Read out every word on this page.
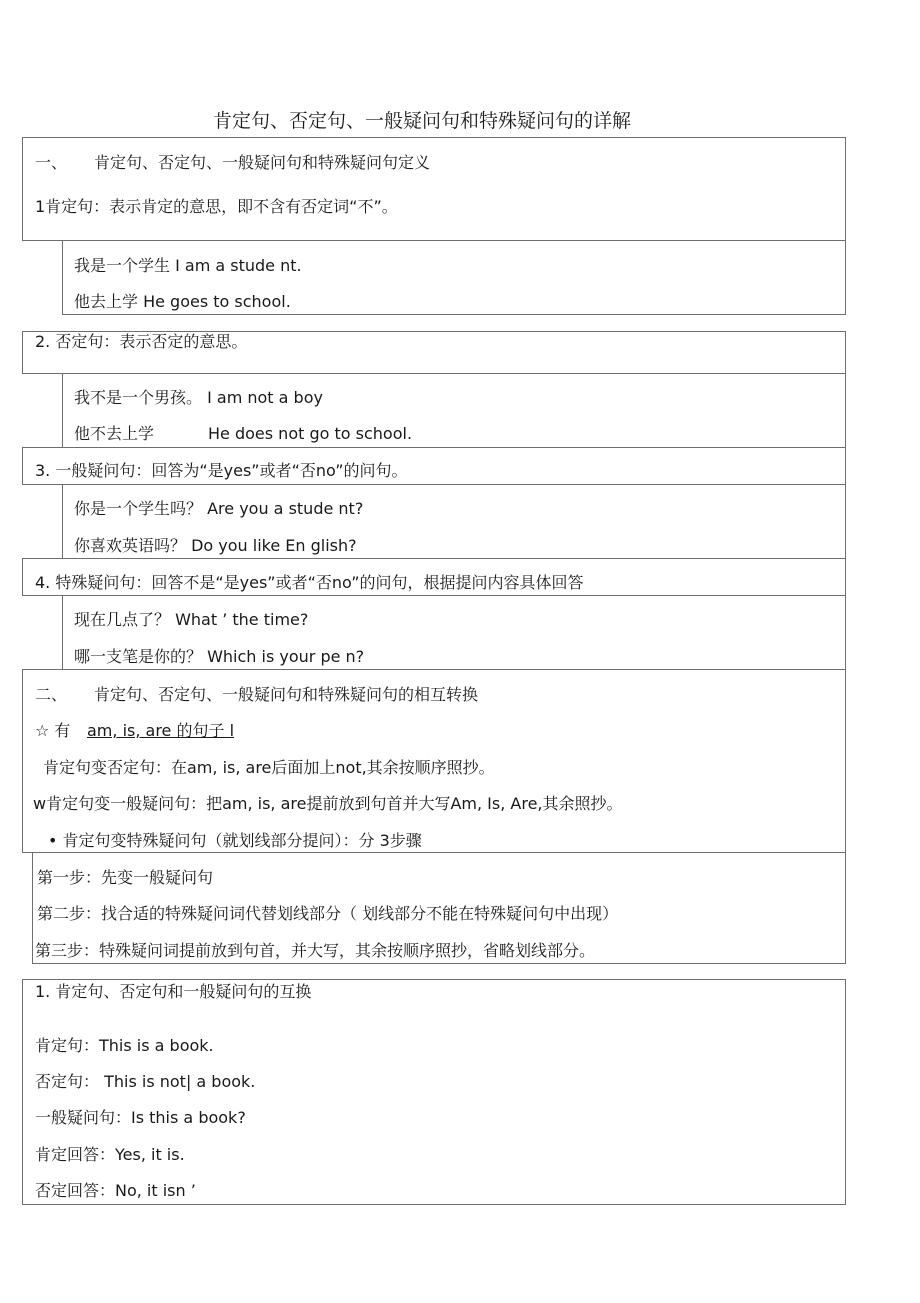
肯定句、否定句、一般疑问句和特殊疑问句的详解
一、 肯定句、否定句、一般疑问句和特殊疑问句定义
1肯定句：表示肯定的意思，即不含有否定词“不”。
我是一个学生 I am a stude nt.
他去上学 He goes to school.
2. 否定句：表示否定的意思。
我不是一个男孩。 I am not a boy
他不去上学	He does not go to school.
3. 一般疑问句：回答为“是yes”或者“否no”的问句。
你是一个学生吗？ Are you a stude nt?
你喜欢英语吗？ Do you like En glish?
4. 特殊疑问句：回答不是“是yes”或者“否no”的问句，根据提问内容具体回答
现在几点了？ What ’ the time?
哪一支笔是你的？ Which is your pe n?
二、 肯定句、否定句、一般疑问句和特殊疑问句的相互转换
☆ 有 am, is, are 的句子 l
肯定句变否定句：在am, is, are后面加上not,其余按顺序照抄。
w肯定句变一般疑问句：把am, is, are提前放到句首并大写Am, Is, Are,其余照抄。
• 肯定句变特殊疑问句（就划线部分提问）：分 3步骤
第一步：先变一般疑问句
第二步：找合适的特殊疑问词代替划线部分（ 划线部分不能在特殊疑问句中出现）
第三步：特殊疑问词提前放到句首，并大写，其余按顺序照抄，省略划线部分。
1. 肯定句、否定句和一般疑问句的互换
肯定句：This is a book.
否定句： This is not| a book.
一般疑问句：Is this a book?
肯定回答：Yes, it is.
否定回答：No, it isn ’
